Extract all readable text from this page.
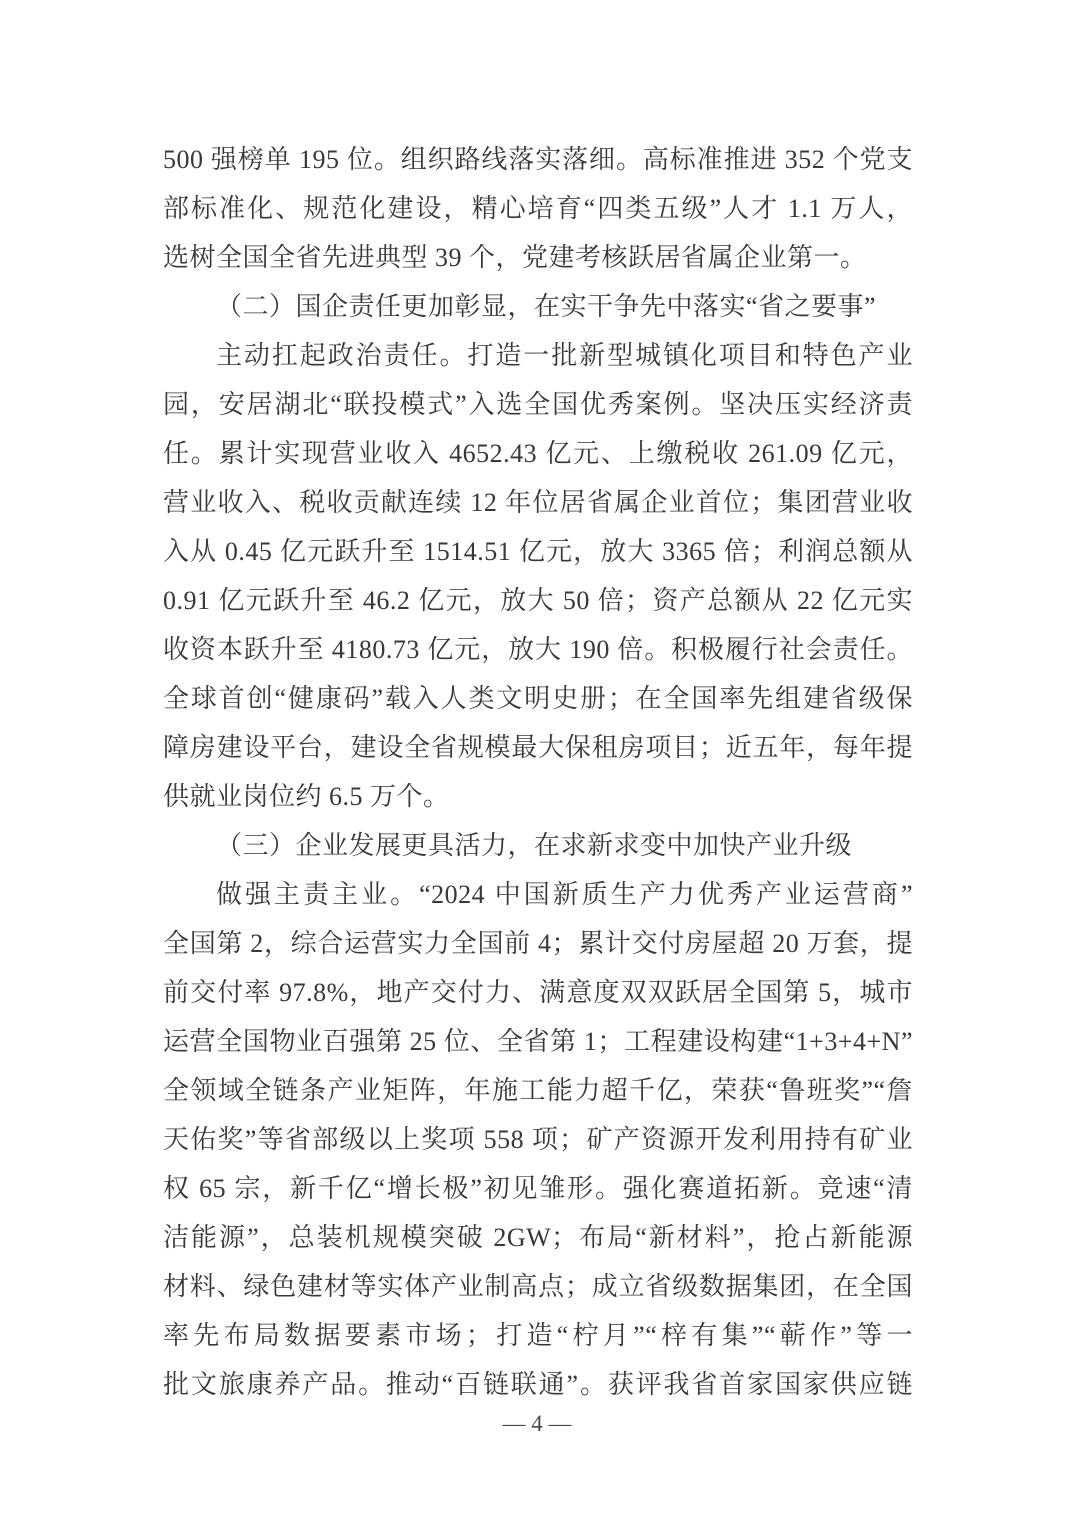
500 强榜单 195 位。组织路线落实落细。高标准推进 352 个党支
部标准化、规范化建设，精心培育“四类五级”人才 1.1 万人，
选树全国全省先进典型 39 个，党建考核跃居省属企业第一。
（二）国企责任更加彰显，在实干争先中落实“省之要事”
主动扛起政治责任。打造一批新型城镇化项目和特色产业
园，安居湖北“联投模式”入选全国优秀案例。坚决压实经济责
任。累计实现营业收入 4652.43 亿元、上缴税收 261.09 亿元，
营业收入、税收贡献连续 12 年位居省属企业首位；集团营业收
入从 0.45 亿元跃升至 1514.51 亿元，放大 3365 倍；利润总额从
0.91 亿元跃升至 46.2 亿元，放大 50 倍；资产总额从 22 亿元实
收资本跃升至 4180.73 亿元，放大 190 倍。积极履行社会责任。
全球首创“健康码”载入人类文明史册；在全国率先组建省级保
障房建设平台，建设全省规模最大保租房项目；近五年，每年提
供就业岗位约 6.5 万个。
（三）企业发展更具活力，在求新求变中加快产业升级
做强主责主业。“2024 中国新质生产力优秀产业运营商”
全国第 2，综合运营实力全国前 4；累计交付房屋超 20 万套，提
前交付率 97.8%，地产交付力、满意度双双跃居全国第 5，城市
运营全国物业百强第 25 位、全省第 1；工程建设构建“1+3+4+N”
全领域全链条产业矩阵，年施工能力超千亿，荣获“鲁班奖”“詹
天佑奖”等省部级以上奖项 558 项；矿产资源开发利用持有矿业
权 65 宗，新千亿“增长极”初见雏形。强化赛道拓新。竞速“清
洁能源”，总装机规模突破 2GW；布局“新材料”，抢占新能源
材料、绿色建材等实体产业制高点；成立省级数据集团，在全国
率先布局数据要素市场；打造“柠月”“梓有集”“蕲作”等一
批文旅康养产品。推动“百链联通”。获评我省首家国家供应链
— 4 —
